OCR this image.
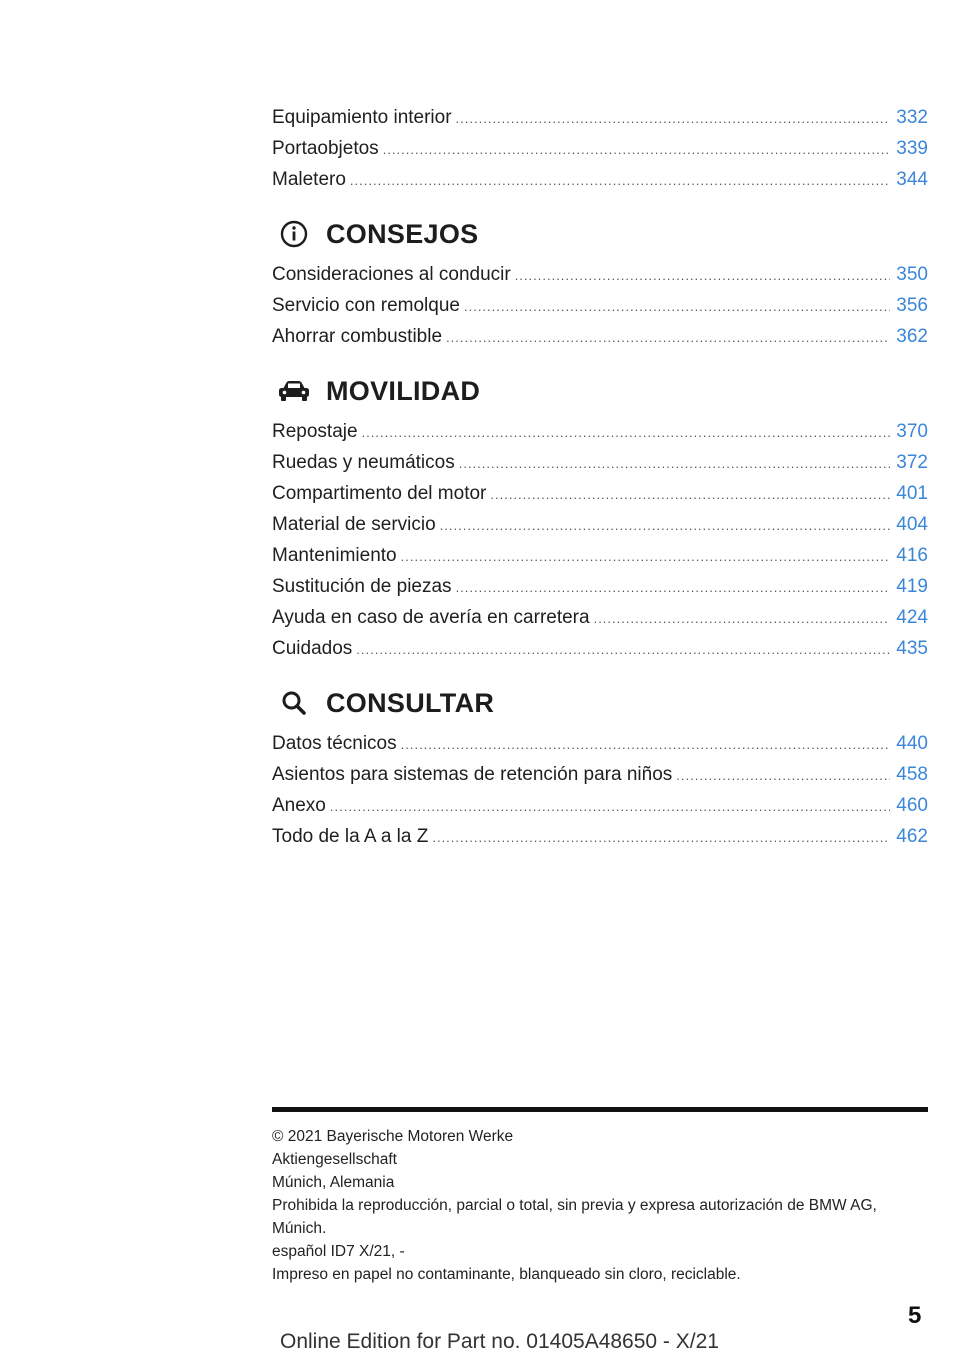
Equipamiento interior .....	332
Portaobjetos .....	339
Maletero .....	344
CONSEJOS
Consideraciones al conducir .....	350
Servicio con remolque .....	356
Ahorrar combustible .....	362
MOVILIDAD
Repostaje .....	370
Ruedas y neumáticos .....	372
Compartimento del motor .....	401
Material de servicio .....	404
Mantenimiento .....	416
Sustitución de piezas .....	419
Ayuda en caso de avería en carretera .....	424
Cuidados .....	435
CONSULTAR
Datos técnicos .....	440
Asientos para sistemas de retención para niños .....	458
Anexo .....	460
Todo de la A a la Z .....	462
© 2021 Bayerische Motoren Werke
Aktiengesellschaft
Múnich, Alemania
Prohibida la reproducción, parcial o total, sin previa y expresa autorización de BMW AG,
Múnich.
español ID7 X/21, -
Impreso en papel no contaminante, blanqueado sin cloro, reciclable.
5
Online Edition for Part no. 01405A48650 - X/21
